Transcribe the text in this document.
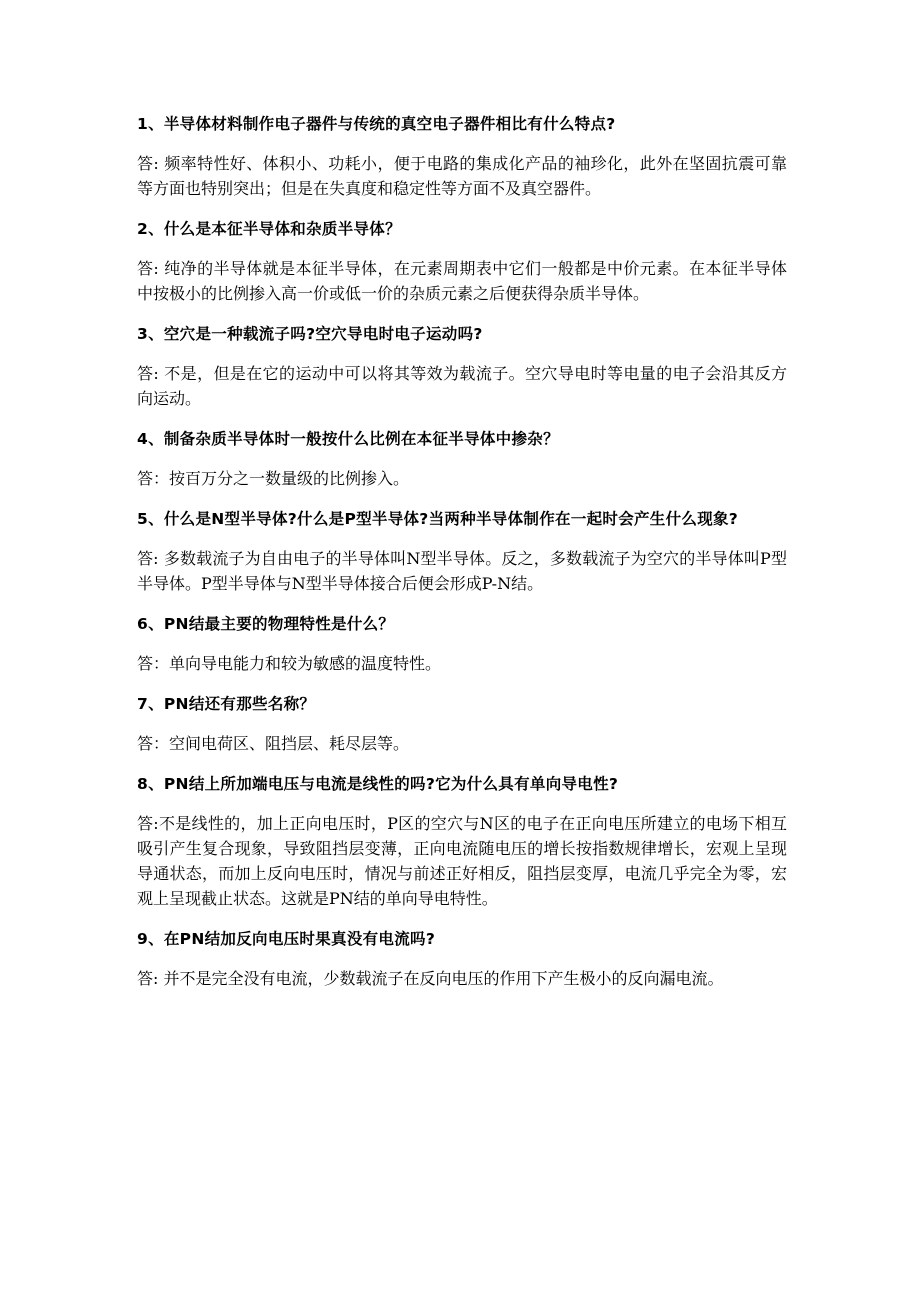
1、半导体材料制作电子器件与传统的真空电子器件相比有什么特点?

答: 频率特性好、体积小、功耗小，便于电路的集成化产品的袖珍化，此外在坚固抗震可靠等方面也特别突出；但是在失真度和稳定性等方面不及真空器件。

2、什么是本征半导体和杂质半导体？

答: 纯净的半导体就是本征半导体，在元素周期表中它们一般都是中价元素。在本征半导体中按极小的比例掺入高一价或低一价的杂质元素之后便获得杂质半导体。

3、空穴是一种载流子吗?空穴导电时电子运动吗?

答: 不是，但是在它的运动中可以将其等效为载流子。空穴导电时等电量的电子会沿其反方向运动。

4、制备杂质半导体时一般按什么比例在本征半导体中掺杂？

答：按百万分之一数量级的比例掺入。

5、什么是N型半导体?什么是P型半导体?当两种半导体制作在一起时会产生什么现象?

答: 多数载流子为自由电子的半导体叫N型半导体。反之，多数载流子为空穴的半导体叫P型半导体。P型半导体与N型半导体接合后便会形成P-N结。

6、PN结最主要的物理特性是什么？

答：单向导电能力和较为敏感的温度特性。

7、PN结还有那些名称？

答：空间电荷区、阻挡层、耗尽层等。

8、PN结上所加端电压与电流是线性的吗?它为什么具有单向导电性?

答:不是线性的，加上正向电压时，P区的空穴与N区的电子在正向电压所建立的电场下相互吸引产生复合现象，导致阻挡层变薄，正向电流随电压的增长按指数规律增长，宏观上呈现导通状态，而加上反向电压时，情况与前述正好相反，阻挡层变厚，电流几乎完全为零，宏观上呈现截止状态。这就是PN结的单向导电特性。

9、在PN结加反向电压时果真没有电流吗?

答: 并不是完全没有电流，少数载流子在反向电压的作用下产生极小的反向漏电流。
